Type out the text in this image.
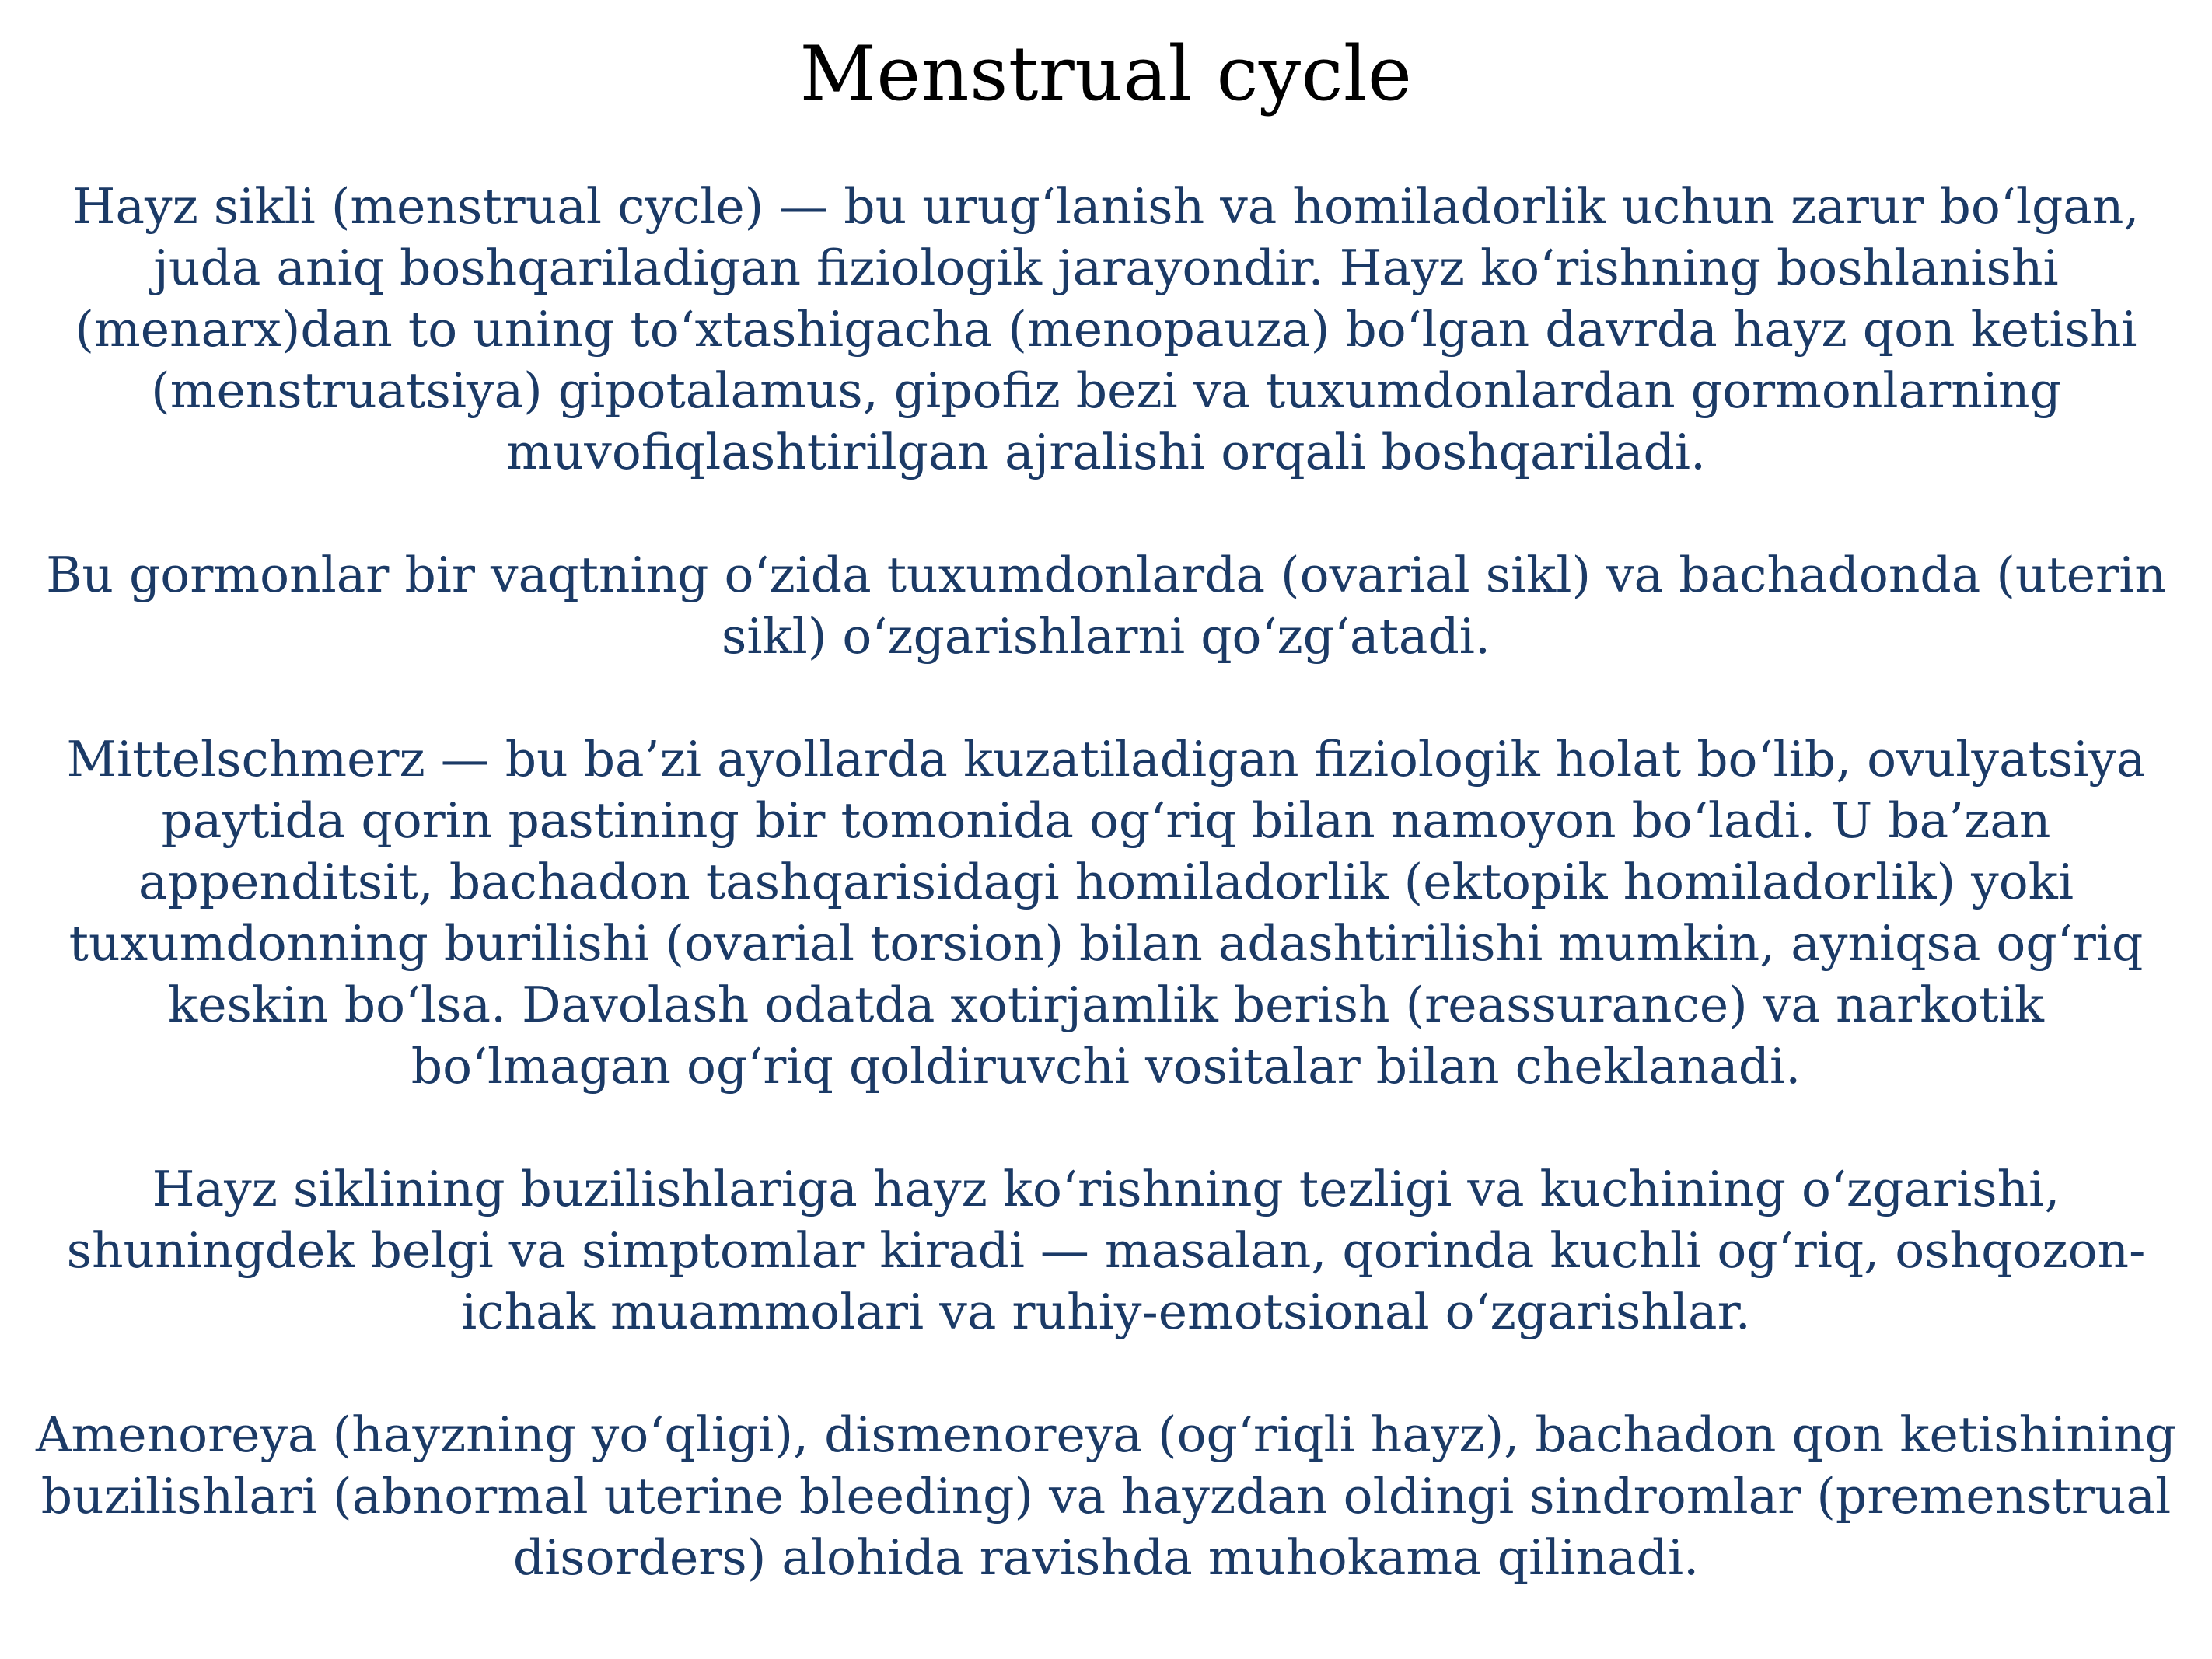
Menstrual cycle

Hayz sikli (menstrual cycle) — bu urug‘lanish va homiladorlik uchun zarur bo‘lgan, juda aniq boshqariladigan fiziologik jarayondir. Hayz ko‘rishning boshlanishi (menarx)dan to uning to‘xtashigacha (menopauza) bo‘lgan davrda hayz qon ketishi (menstruatsiya) gipotalamus, gipofiz bezi va tuxumdonlardan gormonlarning muvofiqlashtirilgan ajralishi orqali boshqariladi.

Bu gormonlar bir vaqtning o‘zida tuxumdonlarda (ovarial sikl) va bachadonda (uterin sikl) o‘zgarishlarni qo‘zg‘atadi.

Mittelschmerz — bu ba’zi ayollarda kuzatiladigan fiziologik holat bo‘lib, ovulyatsiya paytida qorin pastining bir tomonida og‘riq bilan namoyon bo‘ladi. U ba’zan appenditsit, bachadon tashqarisidagi homiladorlik (ektopik homiladorlik) yoki tuxumdonning burilishi (ovarial torsion) bilan adashtirilishi mumkin, ayniqsa og‘riq keskin bo‘lsa. Davolash odatda xotirjamlik berish (reassurance) va narkotik bo‘lmagan og‘riq qoldiruvchi vositalar bilan cheklanadi.

Hayz siklining buzilishlariga hayz ko‘rishning tezligi va kuchining o‘zgarishi, shuningdek belgi va simptomlar kiradi — masalan, qorinda kuchli og‘riq, oshqozon-ichak muammolari va ruhiy-emotsional o‘zgarishlar.

Amenoreya (hayzning yo‘qligi), dismenoreya (og‘riqli hayz), bachadon qon ketishining buzilishlari (abnormal uterine bleeding) va hayzdan oldingi sindromlar (premenstrual disorders) alohida ravishda muhokama qilinadi.
